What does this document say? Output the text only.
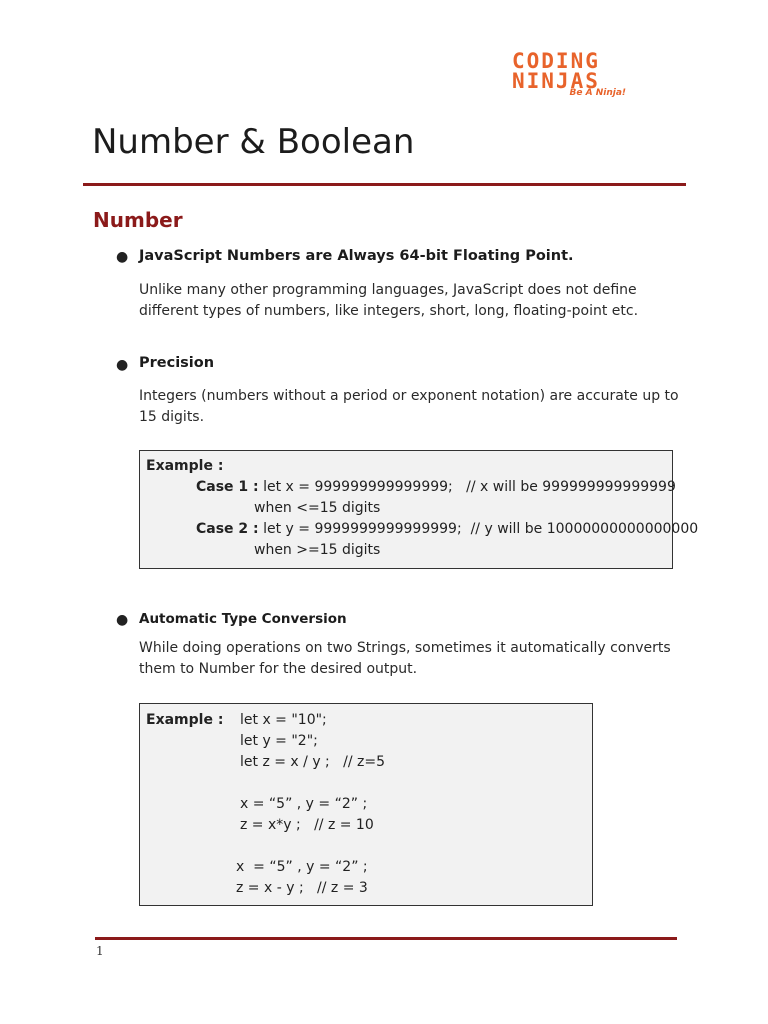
CODING
NINJAS
Be A Ninja!
Number & Boolean
Number
● JavaScript Numbers are Always 64-bit Floating Point.
Unlike many other programming languages, JavaScript does not define different types of numbers, like integers, short, long, floating-point etc.
● Precision
Integers (numbers without a period or exponent notation) are accurate up to 15 digits.
Example :
Case 1 : let x = 999999999999999;   // x will be 999999999999999
when <=15 digits
Case 2 : let y = 9999999999999999;  // y will be 10000000000000000
when >=15 digits
● Automatic Type Conversion
While doing operations on two Strings, sometimes it automatically converts them to Number for the desired output.
Example : let x = "10";
let y = "2";
let z = x / y ;   // z=5
x = “5” , y = “2” ;
z = x*y ;   // z = 10
x  = “5” , y = “2” ;
z = x - y ;   // z = 3
1
